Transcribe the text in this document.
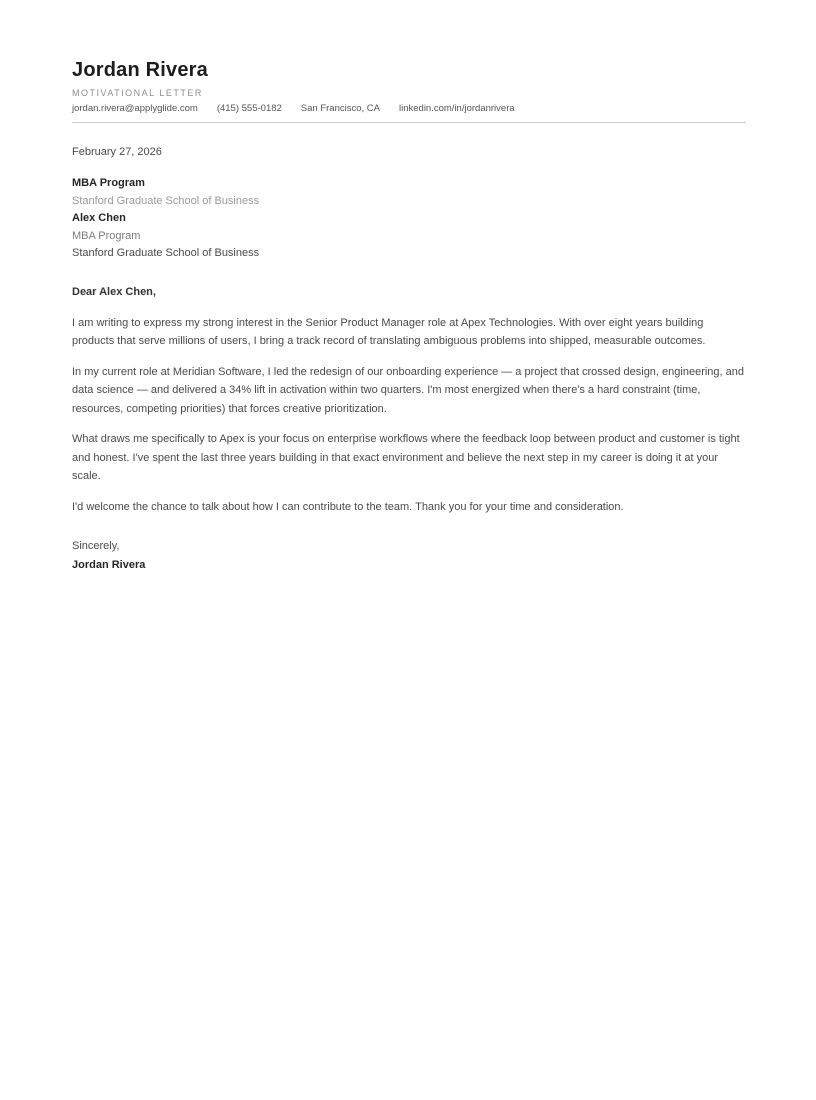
Jordan Rivera
MOTIVATIONAL LETTER
jordan.rivera@applyglide.com (415) 555-0182 San Francisco, CA linkedin.com/in/jordanrivera

February 27, 2026

MBA Program
Stanford Graduate School of Business
Alex Chen
MBA Program
Stanford Graduate School of Business

Dear Alex Chen,

I am writing to express my strong interest in the Senior Product Manager role at Apex Technologies. With over eight years building products that serve millions of users, I bring a track record of translating ambiguous problems into shipped, measurable outcomes.

In my current role at Meridian Software, I led the redesign of our onboarding experience — a project that crossed design, engineering, and data science — and delivered a 34% lift in activation within two quarters. I'm most energized when there's a hard constraint (time, resources, competing priorities) that forces creative prioritization.

What draws me specifically to Apex is your focus on enterprise workflows where the feedback loop between product and customer is tight and honest. I've spent the last three years building in that exact environment and believe the next step in my career is doing it at your scale.

I'd welcome the chance to talk about how I can contribute to the team. Thank you for your time and consideration.

Sincerely,

Jordan Rivera
